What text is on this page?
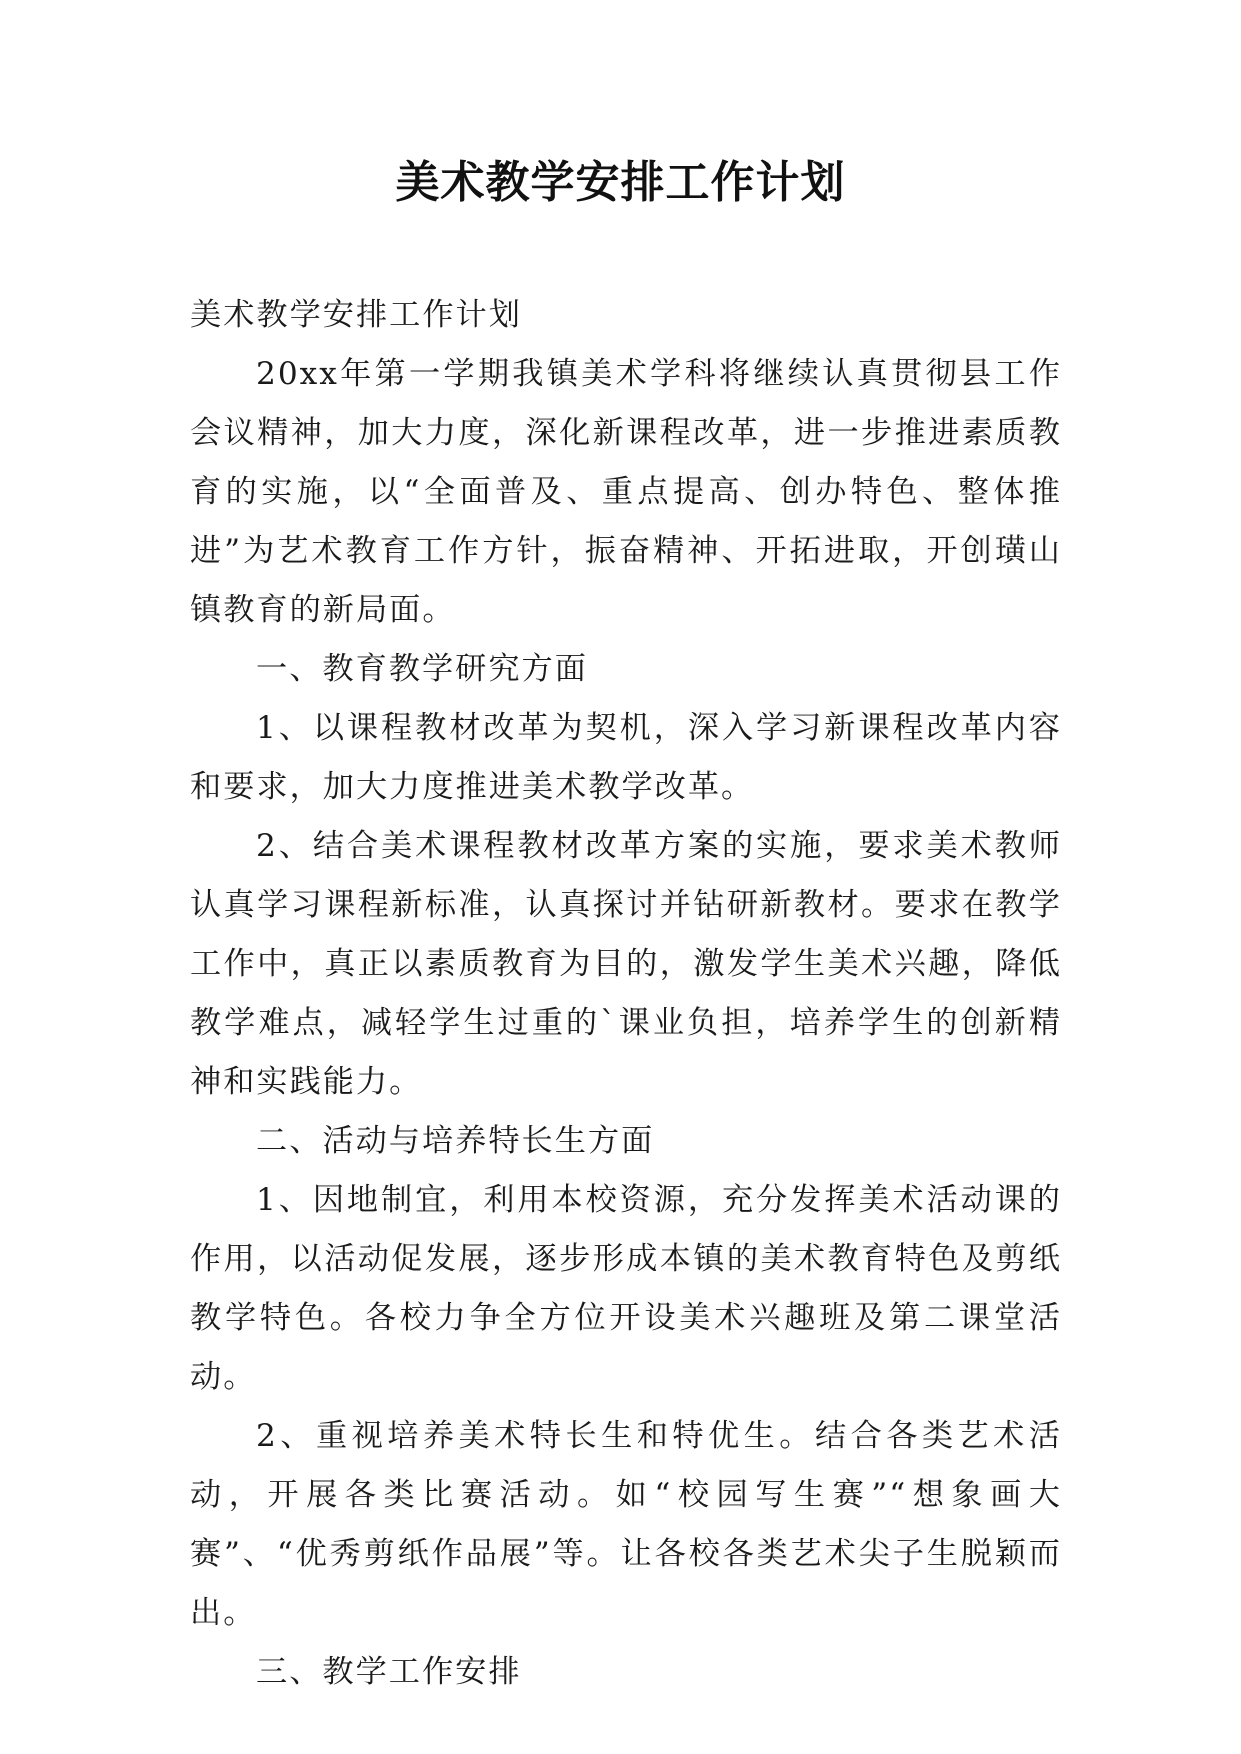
美术教学安排工作计划

美术教学安排工作计划

20xx年第一学期我镇美术学科将继续认真贯彻县工作会议精神，加大力度，深化新课程改革，进一步推进素质教育的实施，以“全面普及、重点提高、创办特色、整体推进”为艺术教育工作方针，振奋精神、开拓进取，开创璜山镇教育的新局面。

一、教育教学研究方面

1、以课程教材改革为契机，深入学习新课程改革内容和要求，加大力度推进美术教学改革。

2、结合美术课程教材改革方案的实施，要求美术教师认真学习课程新标准，认真探讨并钻研新教材。要求在教学工作中，真正以素质教育为目的，激发学生美术兴趣，降低教学难点，减轻学生过重的`课业负担，培养学生的创新精神和实践能力。

二、活动与培养特长生方面

1、因地制宜，利用本校资源，充分发挥美术活动课的作用，以活动促发展，逐步形成本镇的美术教育特色及剪纸教学特色。各校力争全方位开设美术兴趣班及第二课堂活动。

2、重视培养美术特长生和特优生。结合各类艺术活动，开展各类比赛活动。如“校园写生赛”“想象画大赛”、“优秀剪纸作品展”等。让各校各类艺术尖子生脱颖而出。

三、教学工作安排
